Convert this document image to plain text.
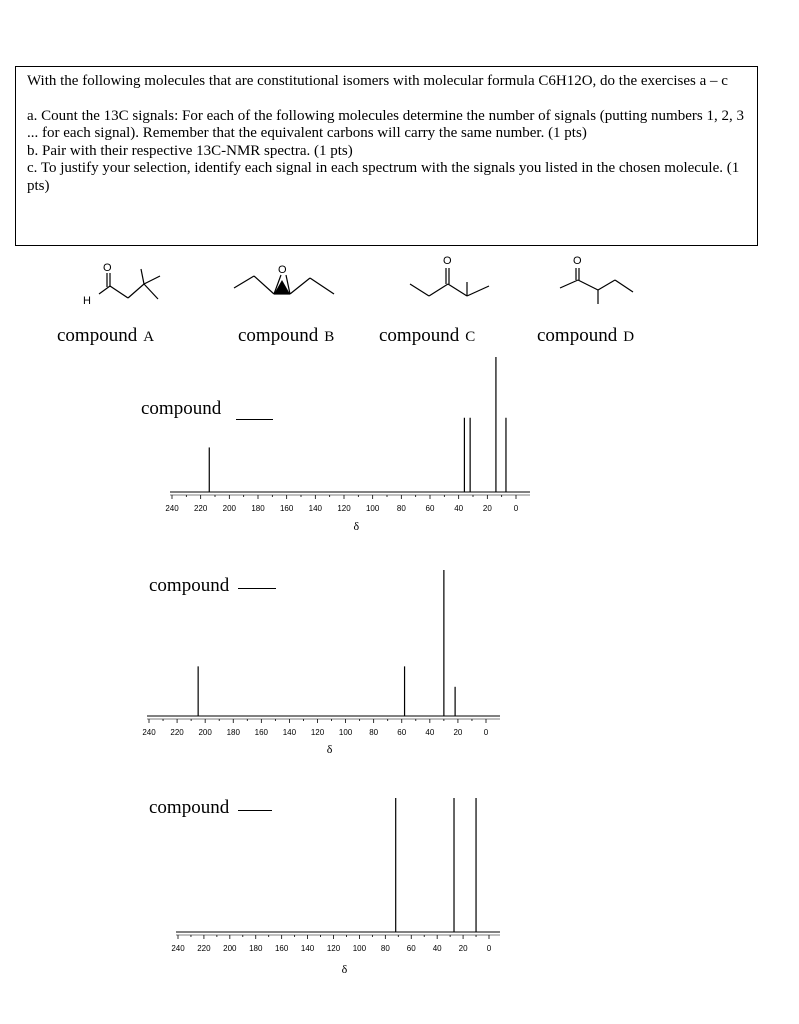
With the following molecules that are constitutional isomers with molecular formula C6H12O, do the exercises a – c

a. Count the 13C signals: For each of the following molecules determine the number of signals (putting numbers 1, 2, 3 ... for each signal). Remember that the equivalent carbons will carry the same number. (1 pts)

b. Pair with their respective 13C-NMR spectra. (1 pts)

c. To justify your selection, identify each signal in each spectrum with the signals you listed in the chosen molecule. (1 pts)

O
H
O
O	O
compound A	compound B compound C	compound D
compound
compound
compound
240 220 200 180 160 140 120 100 80 60 40 20	0
δ
240 220 200 180 160 140 120 100 80 60 40 20	0
δ
240 220 200 180 160 140 120 100 80 60 40 20 0
δ
